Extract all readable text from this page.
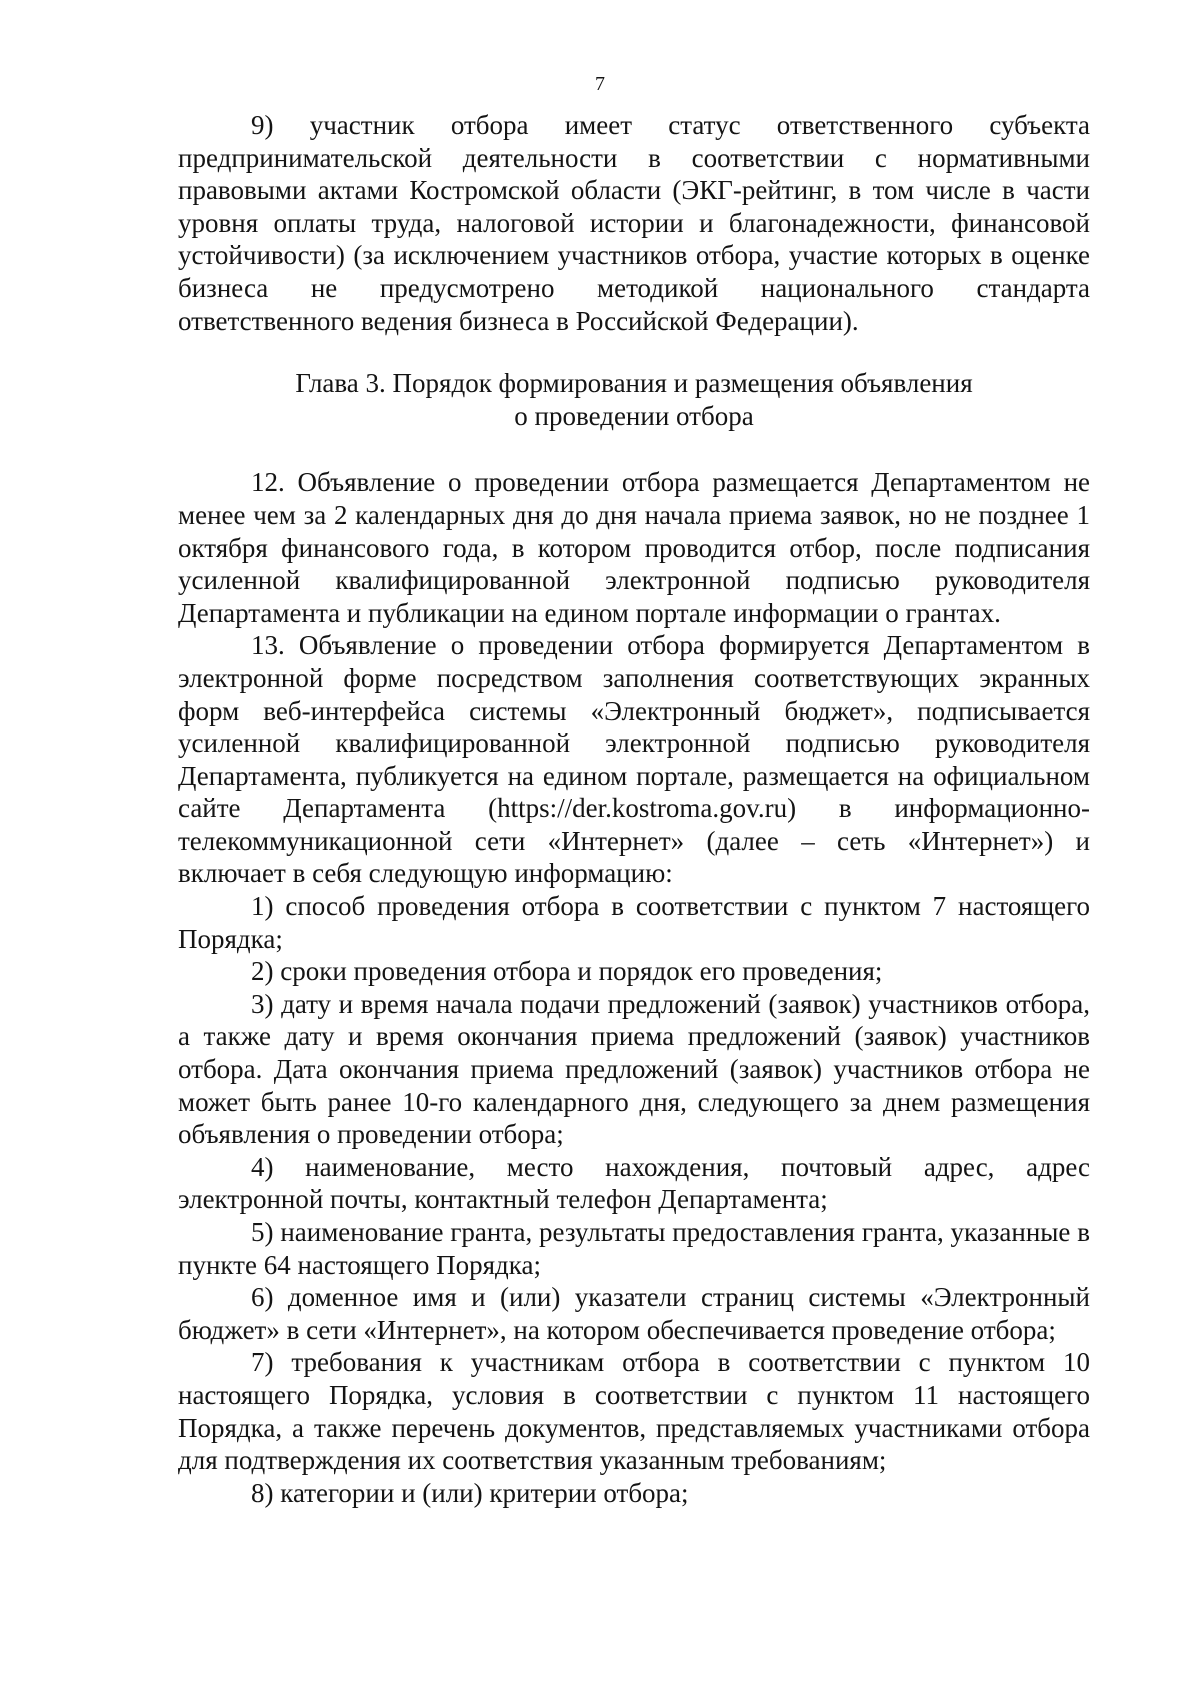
7

9) участник отбора имеет статус ответственного субъекта предпринимательской деятельности в соответствии с нормативными правовыми актами Костромской области (ЭКГ-рейтинг, в том числе в части уровня оплаты труда, налоговой истории и благонадежности, финансовой устойчивости) (за исключением участников отбора, участие которых в оценке бизнеса не предусмотрено методикой национального стандарта ответственного ведения бизнеса в Российской Федерации).

Глава 3. Порядок формирования и размещения объявления
о проведении отбора

12. Объявление о проведении отбора размещается Департаментом не менее чем за 2 календарных дня до дня начала приема заявок, но не позднее 1 октября финансового года, в котором проводится отбор, после подписания усиленной квалифицированной электронной подписью руководителя Департамента и публикации на едином портале информации о грантах.

13. Объявление о проведении отбора формируется Департаментом в электронной форме посредством заполнения соответствующих экранных форм веб-интерфейса системы «Электронный бюджет», подписывается усиленной квалифицированной электронной подписью руководителя Департамента, публикуется на едином портале, размещается на официальном сайте Департамента (https://der.kostroma.gov.ru) в информационно-телекоммуникационной сети «Интернет» (далее – сеть «Интернет») и включает в себя следующую информацию:

1) способ проведения отбора в соответствии с пунктом 7 настоящего Порядка;

2) сроки проведения отбора и порядок его проведения;

3) дату и время начала подачи предложений (заявок) участников отбора, а также дату и время окончания приема предложений (заявок) участников отбора. Дата окончания приема предложений (заявок) участников отбора не может быть ранее 10-го календарного дня, следующего за днем размещения объявления о проведении отбора;

4) наименование, место нахождения, почтовый адрес, адрес электронной почты, контактный телефон Департамента;

5) наименование гранта, результаты предоставления гранта, указанные в пункте 64 настоящего Порядка;

6) доменное имя и (или) указатели страниц системы «Электронный бюджет» в сети «Интернет», на котором обеспечивается проведение отбора;

7) требования к участникам отбора в соответствии с пунктом 10 настоящего Порядка, условия в соответствии с пунктом 11 настоящего Порядка, а также перечень документов, представляемых участниками отбора для подтверждения их соответствия указанным требованиям;

8) категории и (или) критерии отбора;
